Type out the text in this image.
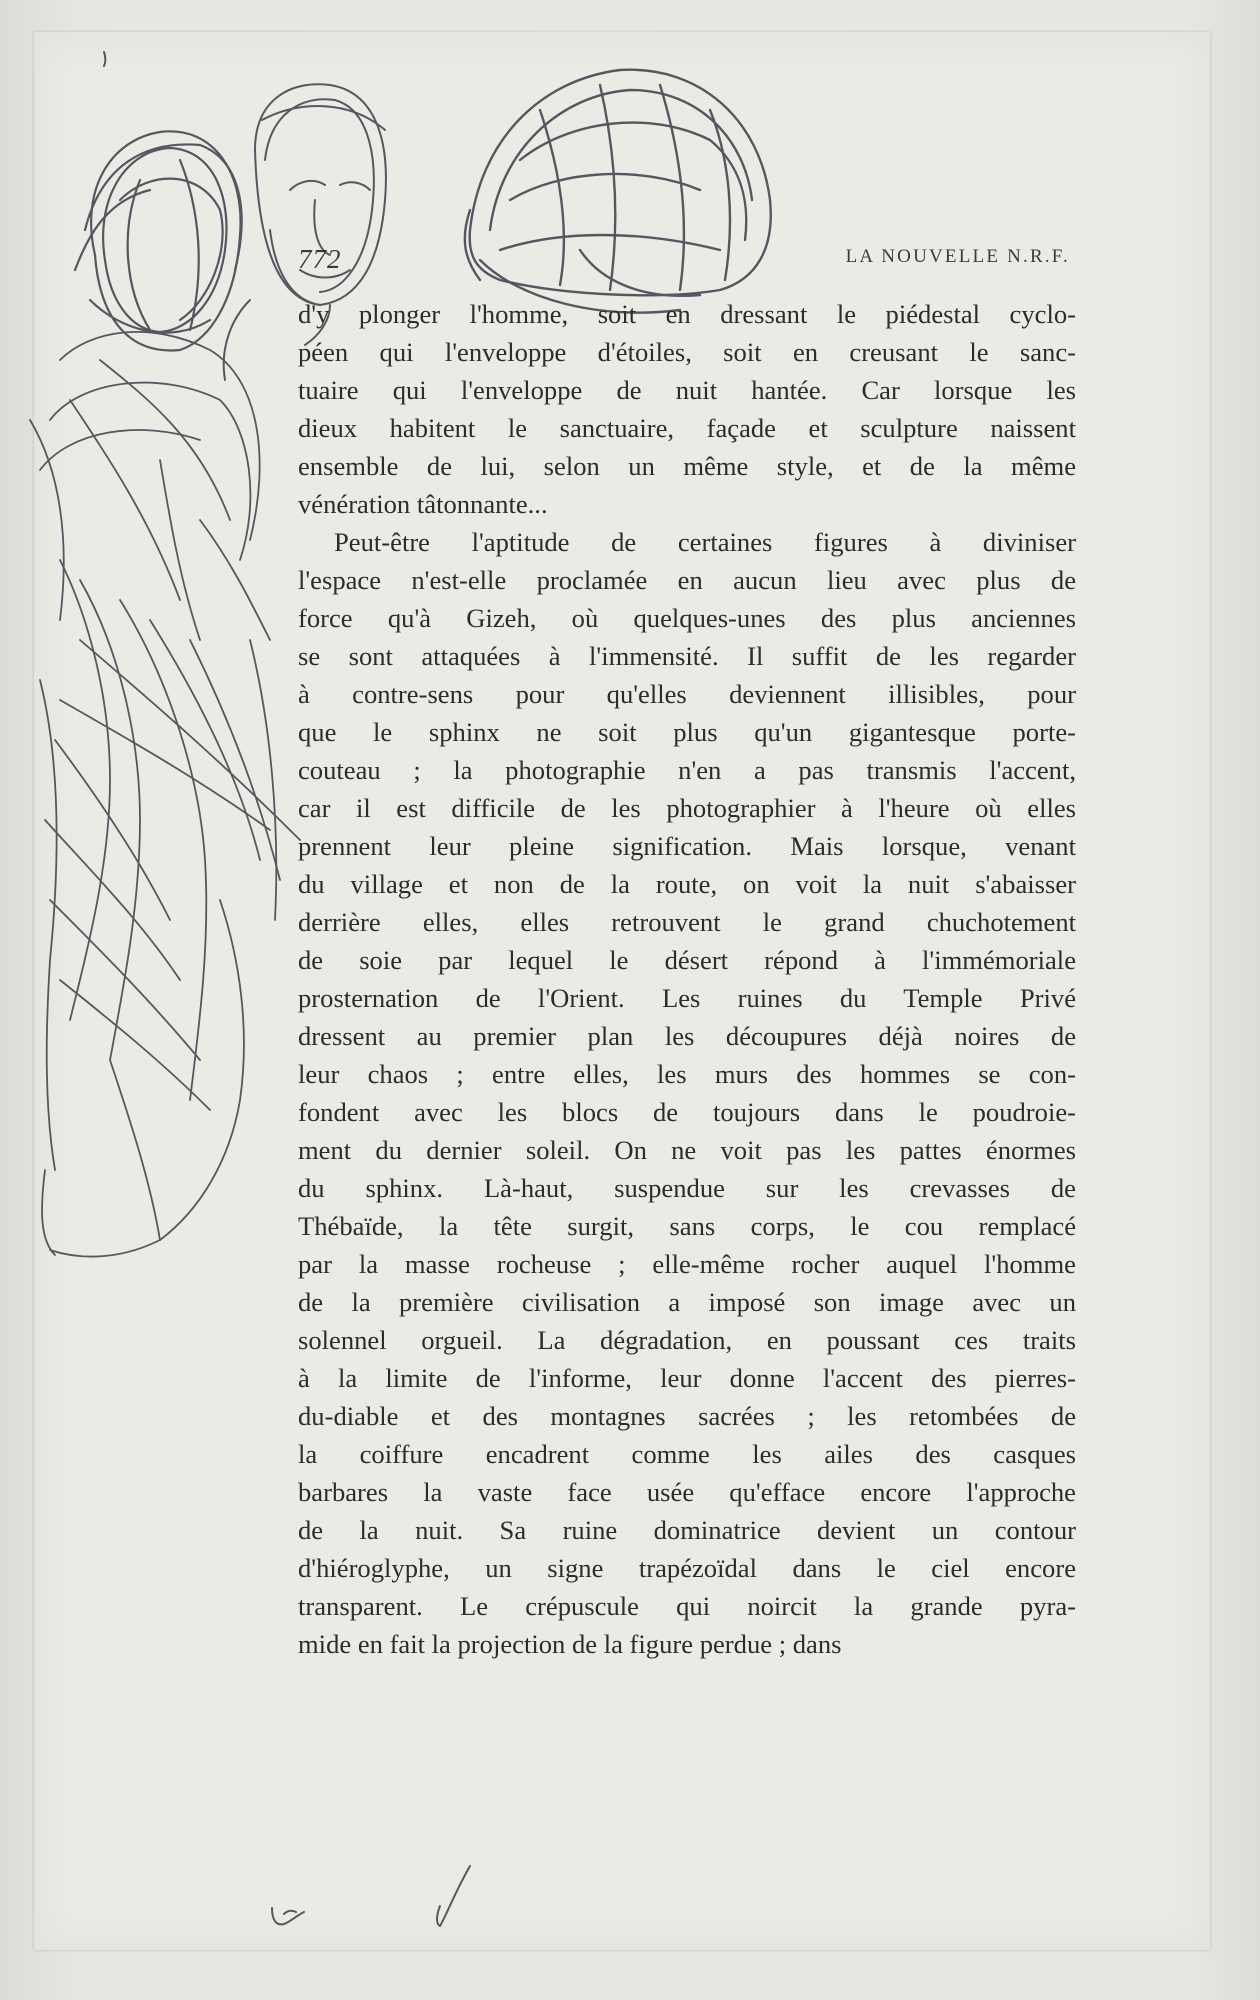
772	LA NOUVELLE N.R.F.
d'y plonger l'homme, soit en dressant le piédestal cyclo-
péen qui l'enveloppe d'étoiles, soit en creusant le sanc-
tuaire qui l'enveloppe de nuit hantée. Car lorsque les
dieux habitent le sanctuaire, façade et sculpture naissent
ensemble de lui, selon un même style, et de la même
vénération tâtonnante...
Peut-être l'aptitude de certaines figures à diviniser
l'espace n'est-elle proclamée en aucun lieu avec plus de
force qu'à Gizeh, où quelques-unes des plus anciennes
se sont attaquées à l'immensité. Il suffit de les regarder
à contre-sens pour qu'elles deviennent illisibles, pour
que le sphinx ne soit plus qu'un gigantesque porte-
couteau ; la photographie n'en a pas transmis l'accent,
car il est difficile de les photographier à l'heure où elles
prennent leur pleine signification. Mais lorsque, venant
du village et non de la route, on voit la nuit s'abaisser
derrière elles, elles retrouvent le grand chuchotement
de soie par lequel le désert répond à l'immémoriale
prosternation de l'Orient. Les ruines du Temple Privé
dressent au premier plan les découpures déjà noires de
leur chaos ; entre elles, les murs des hommes se con-
fondent avec les blocs de toujours dans le poudroie-
ment du dernier soleil. On ne voit pas les pattes énormes
du sphinx. Là-haut, suspendue sur les crevasses de
Thébaïde, la tête surgit, sans corps, le cou remplacé
par la masse rocheuse ; elle-même rocher auquel l'homme
de la première civilisation a imposé son image avec un
solennel orgueil. La dégradation, en poussant ces traits
à la limite de l'informe, leur donne l'accent des pierres-
du-diable et des montagnes sacrées ; les retombées de
la coiffure encadrent comme les ailes des casques
barbares la vaste face usée qu'efface encore l'approche
de la nuit. Sa ruine dominatrice devient un contour
d'hiéroglyphe, un signe trapézoïdal dans le ciel encore
transparent. Le crépuscule qui noircit la grande pyra-
mide en fait la projection de la figure perdue ; dans
